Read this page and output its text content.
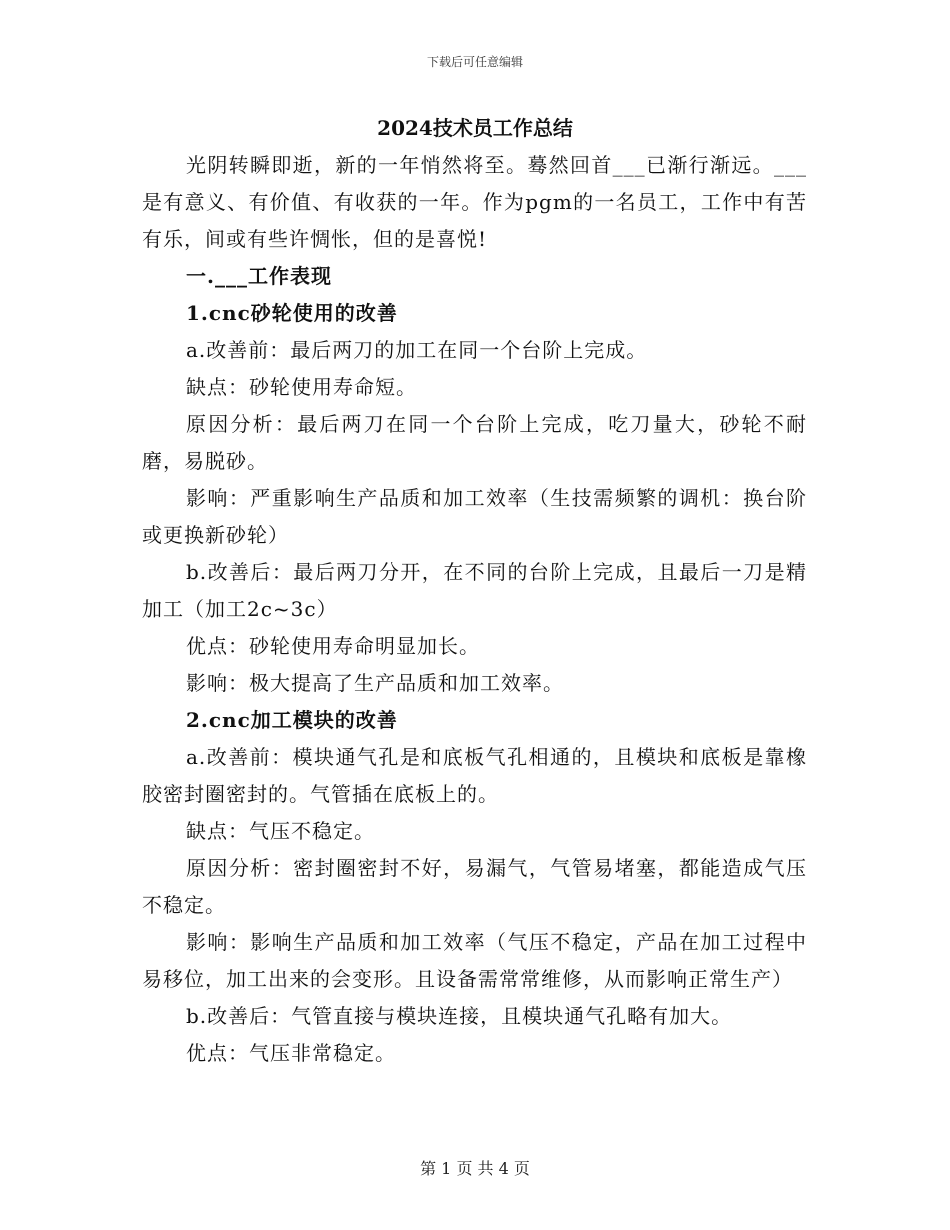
下载后可任意编辑
2024技术员工作总结

光阴转瞬即逝，新的一年悄然将至。蓦然回首___已渐行渐远。___是有意义、有价值、有收获的一年。作为pgm的一名员工，工作中有苦有乐，间或有些许惆怅，但的是喜悦!

一.___工作表现

1.cnc砂轮使用的改善

a.改善前：最后两刀的加工在同一个台阶上完成。

缺点：砂轮使用寿命短。

原因分析：最后两刀在同一个台阶上完成，吃刀量大，砂轮不耐磨，易脱砂。

影响：严重影响生产品质和加工效率（生技需频繁的调机：换台阶或更换新砂轮）

b.改善后：最后两刀分开，在不同的台阶上完成，且最后一刀是精加工（加工2c~3c）

优点：砂轮使用寿命明显加长。

影响：极大提高了生产品质和加工效率。

2.cnc加工模块的改善

a.改善前：模块通气孔是和底板气孔相通的，且模块和底板是靠橡胶密封圈密封的。气管插在底板上的。

缺点：气压不稳定。

原因分析：密封圈密封不好，易漏气，气管易堵塞，都能造成气压不稳定。

影响：影响生产品质和加工效率（气压不稳定，产品在加工过程中易移位，加工出来的会变形。且设备需常常维修，从而影响正常生产）

b.改善后：气管直接与模块连接，且模块通气孔略有加大。

优点：气压非常稳定。

第 1 页 共 4 页
